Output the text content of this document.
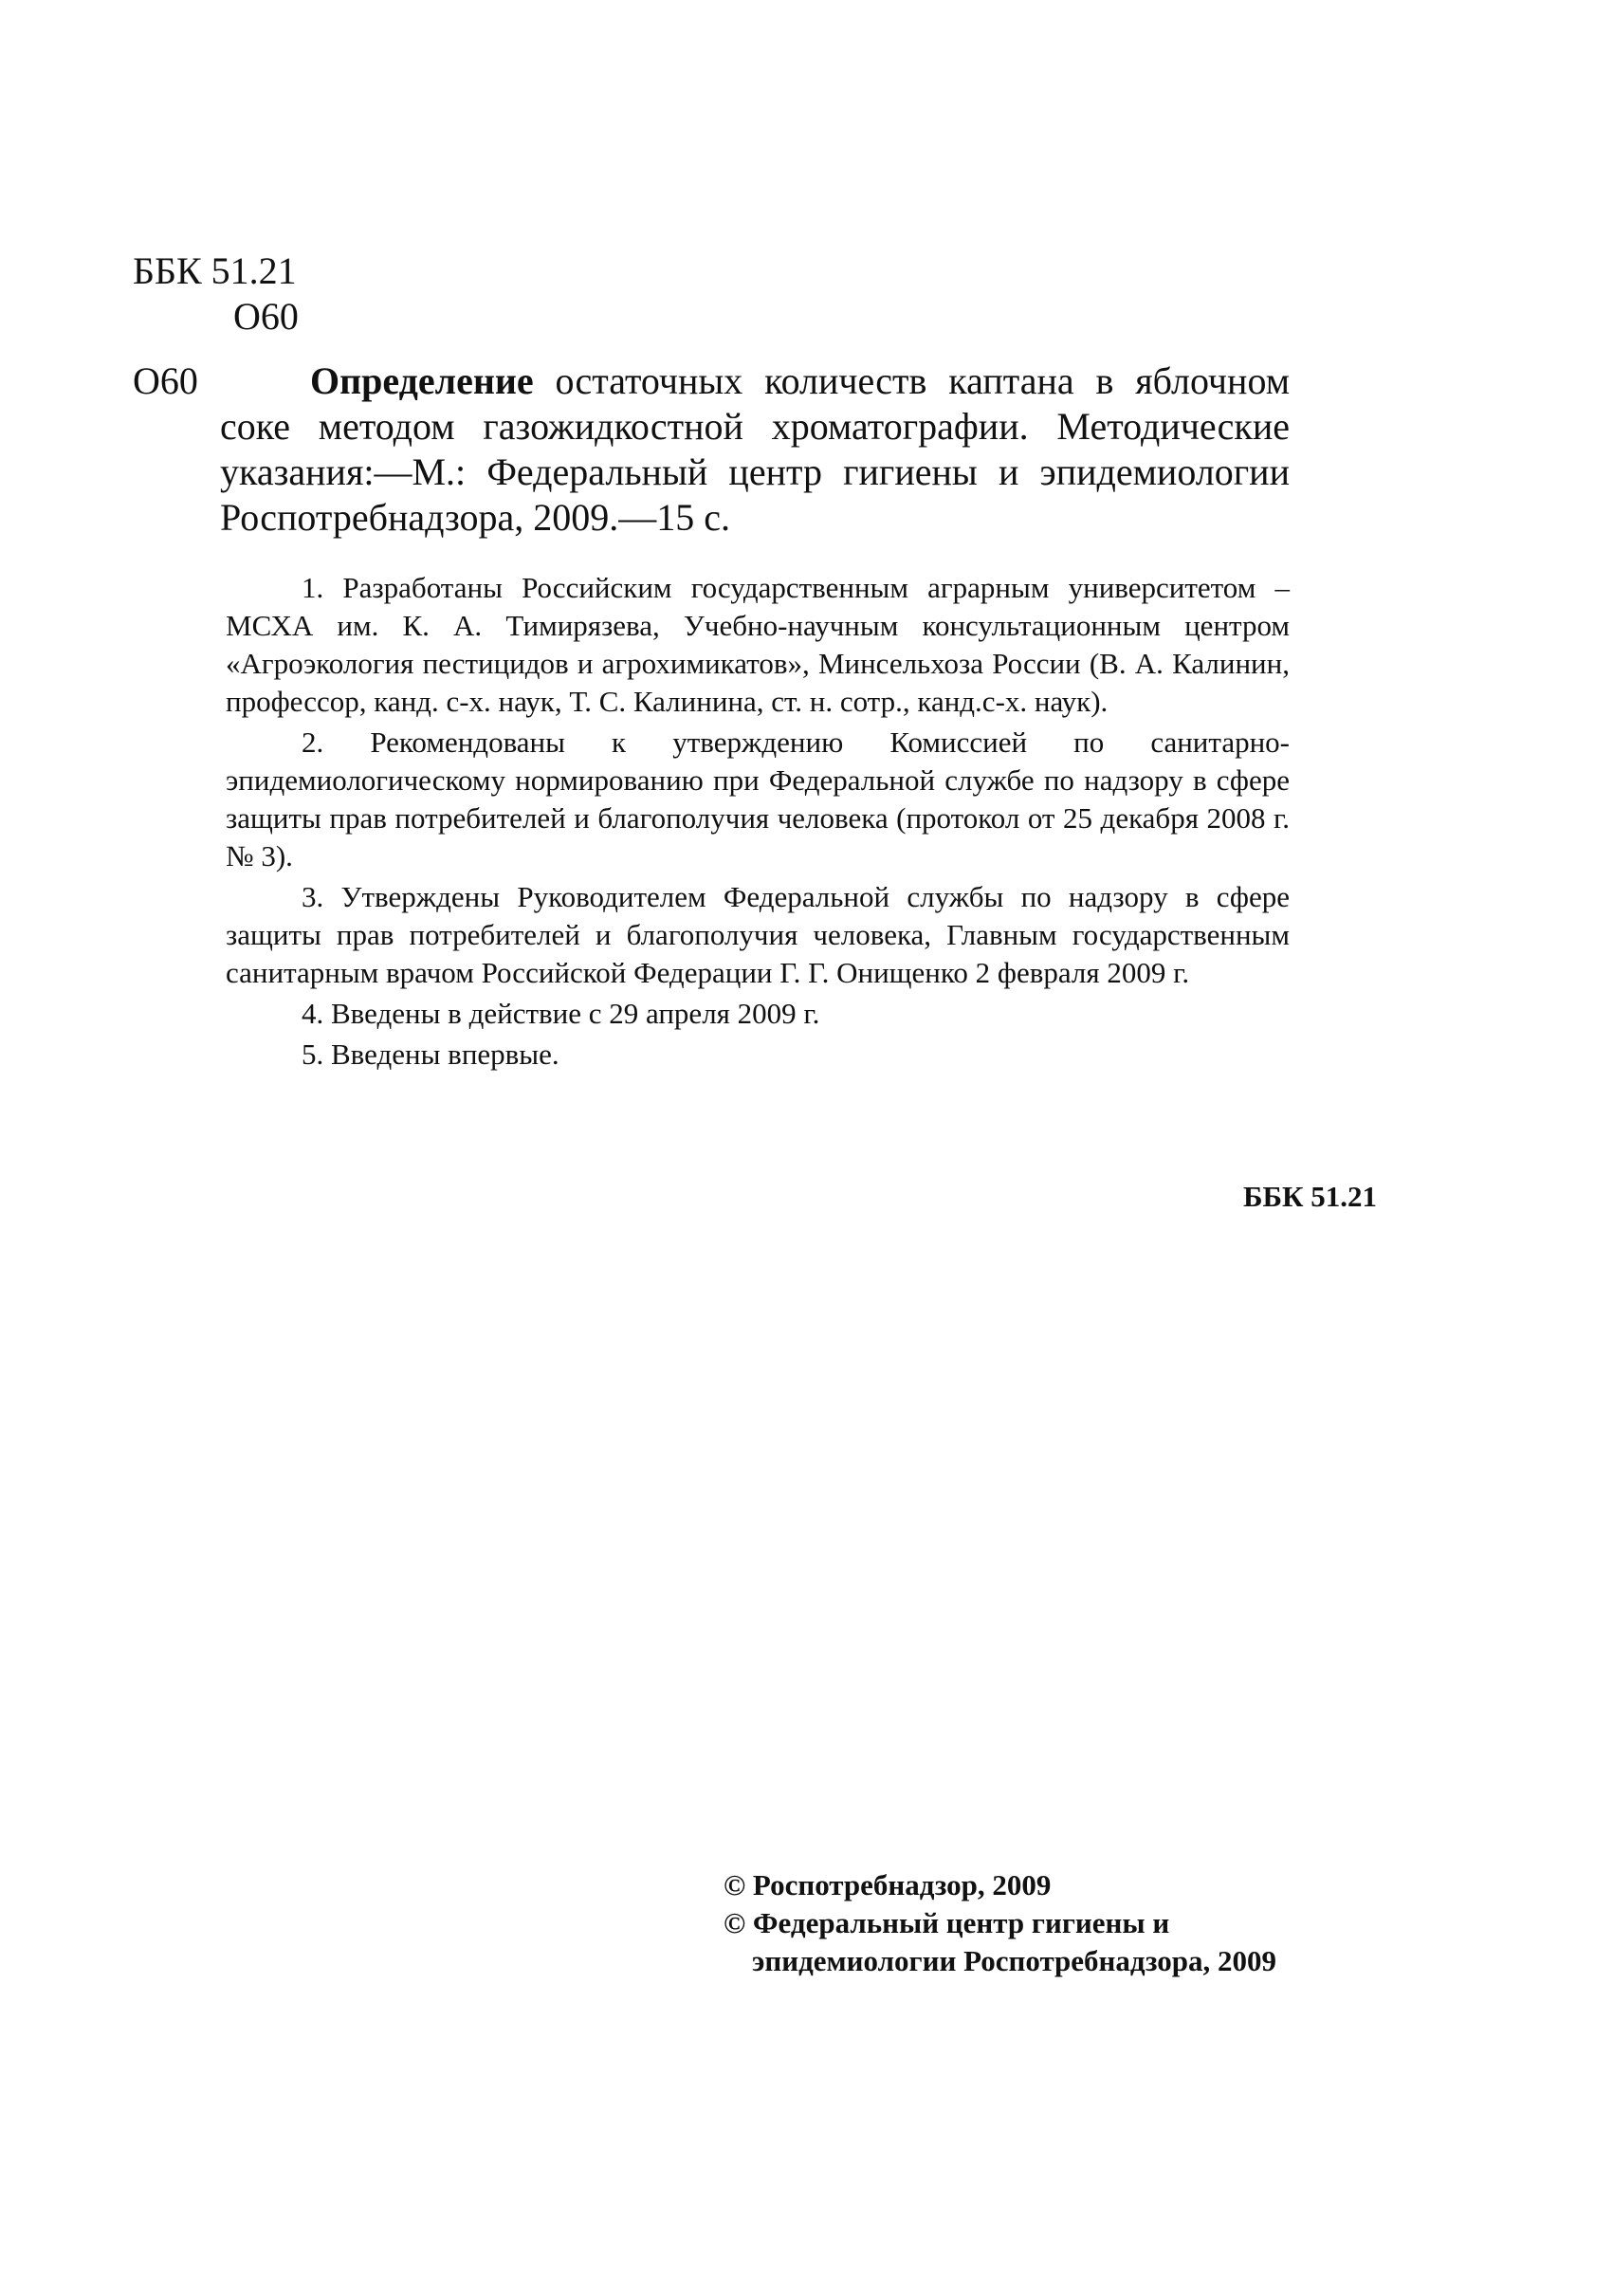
ББК 51.21
О60
О60	Определение остаточных количеств каптана в яблочном соке методом газожидкостной хроматографии. Методические указания:—М.: Федеральный центр гигиены и эпидемиологии Роспотребнадзора, 2009.—15 с.

1. Разработаны Российским государственным аграрным университетом – МСХА им. К. А. Тимирязева, Учебно-научным консультационным центром «Агроэкология пестицидов и агрохимикатов», Минсельхоза России (В. А. Калинин, профессор, канд. с-х. наук, Т. С. Калинина, ст. н. сотр., канд.с-х. наук).

2. Рекомендованы к утверждению Комиссией по санитарно-эпидемиологическому нормированию при Федеральной службе по надзору в сфере защиты прав потребителей и благополучия человека (протокол от 25 декабря 2008 г. № 3).

3. Утверждены Руководителем Федеральной службы по надзору в сфере защиты прав потребителей и благополучия человека, Главным государственным санитарным врачом Российской Федерации Г. Г. Онищенко 2 февраля 2009 г.

4. Введены в действие с 29 апреля 2009 г.

5. Введены впервые.

ББК 51.21
© Роспотребнадзор, 2009
© Федеральный центр гигиены и
эпидемиологии Роспотребнадзора, 2009
